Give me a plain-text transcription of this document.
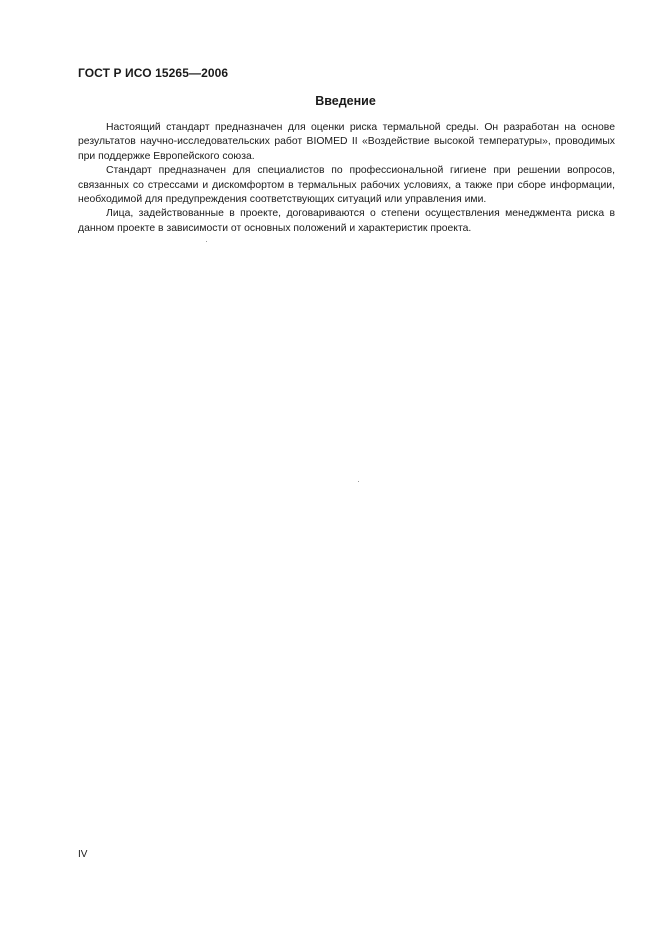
ГОСТ Р ИСО 15265—2006
Введение

Настоящий стандарт предназначен для оценки риска термальной среды. Он разработан на основе результатов научно-исследовательских работ BIOMED II «Воздействие высокой температуры», проводимых при поддержке Европейского союза.

Стандарт предназначен для специалистов по профессиональной гигиене при решении вопросов, связанных со стрессами и дискомфортом в термальных рабочих условиях, а также при сборе информации, необходимой для предупреждения соответствующих ситуаций или управления ими.

Лица, задействованные в проекте, договариваются о степени осуществления менеджмента риска в данном проекте в зависимости от основных положений и характеристик проекта.

IV
